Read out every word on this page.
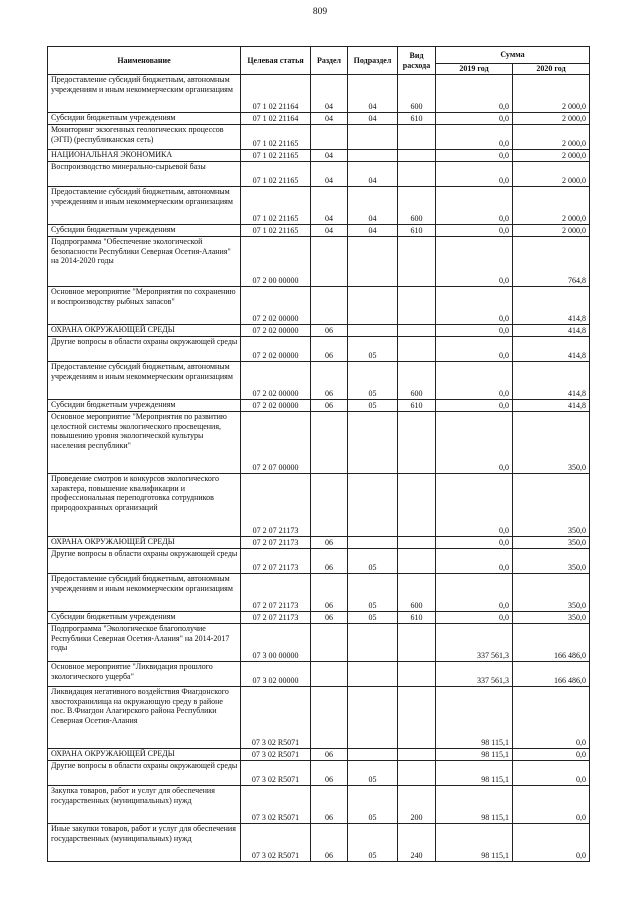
809
Наименование	Целевая статья	Раздел	Подраздел	Вид расхода	Сумма	
					2019 год	2020 год
Предоставление субсидий бюджетным, автономным учреждениям и иным некоммерческим организациям	07 1 02 21164	04	04	600	0,0	2 000,0
Субсидии бюджетным учреждениям	07 1 02 21164	04	04	610	0,0	2 000,0
Мониторинг экзогенных геологических процессов (ЭГП) (республиканская сеть)	07 1 02 21165				0,0	2 000,0
НАЦИОНАЛЬНАЯ ЭКОНОМИКА	07 1 02 21165	04			0,0	2 000,0
Воспроизводство минерально-сырьевой базы	07 1 02 21165	04	04		0,0	2 000,0
Предоставление субсидий бюджетным, автономным учреждениям и иным некоммерческим организациям	07 1 02 21165	04	04	600	0,0	2 000,0
Субсидии бюджетным учреждениям	07 1 02 21165	04	04	610	0,0	2 000,0
Подпрограмма "Обеспечение экологической безопасности Республики Северная Осетия-Алания" на 2014-2020 годы	07 2 00 00000				0,0	764,8
Основное мероприятие "Мероприятия по сохранению и воспроизводству рыбных запасов"	07 2 02 00000				0,0	414,8
ОХРАНА ОКРУЖАЮЩЕЙ СРЕДЫ	07 2 02 00000	06			0,0	414,8
Другие вопросы в области охраны окружающей среды	07 2 02 00000	06	05		0,0	414,8
Предоставление субсидий бюджетным, автономным учреждениям и иным некоммерческим организациям	07 2 02 00000	06	05	600	0,0	414,8
Субсидии бюджетным учреждениям	07 2 02 00000	06	05	610	0,0	414,8
Основное мероприятие "Мероприятия по развитию целостной системы экологического просвещения, повышению уровня экологической культуры населения республики"	07 2 07 00000				0,0	350,0
Проведение смотров и конкурсов экологического характера, повышение квалификации и профессиональная переподготовка сотрудников природоохранных организаций	07 2 07 21173				0,0	350,0
ОХРАНА ОКРУЖАЮЩЕЙ СРЕДЫ	07 2 07 21173	06			0,0	350,0
Другие вопросы в области охраны окружающей среды	07 2 07 21173	06	05		0,0	350,0
Предоставление субсидий бюджетным, автономным учреждениям и иным некоммерческим организациям	07 2 07 21173	06	05	600	0,0	350,0
Субсидии бюджетным учреждениям	07 2 07 21173	06	05	610	0,0	350,0
Подпрограмма "Экологическое благополучие Республики Северная Осетия-Алания" на 2014-2017 годы	07 3 00 00000				337 561,3	166 486,0
Основное мероприятие "Ликвидация прошлого экологического ущерба"	07 3 02 00000				337 561,3	166 486,0
Ликвидация негативного воздействия Фиагдонского хвостохранилища на окружающую среду в районе пос. В.Фиагдон Алагирского района Республики Северная Осетия-Алания	07 3 02 R5071				98 115,1	0,0
ОХРАНА ОКРУЖАЮЩЕЙ СРЕДЫ	07 3 02 R5071	06			98 115,1	0,0
Другие вопросы в области охраны окружающей среды	07 3 02 R5071	06	05		98 115,1	0,0
Закупка товаров, работ и услуг для обеспечения государственных (муниципальных) нужд	07 3 02 R5071	06	05	200	98 115,1	0,0
Иные закупки товаров, работ и услуг для обеспечения государственных (муниципальных) нужд	07 3 02 R5071	06	05	240	98 115,1	0,0
